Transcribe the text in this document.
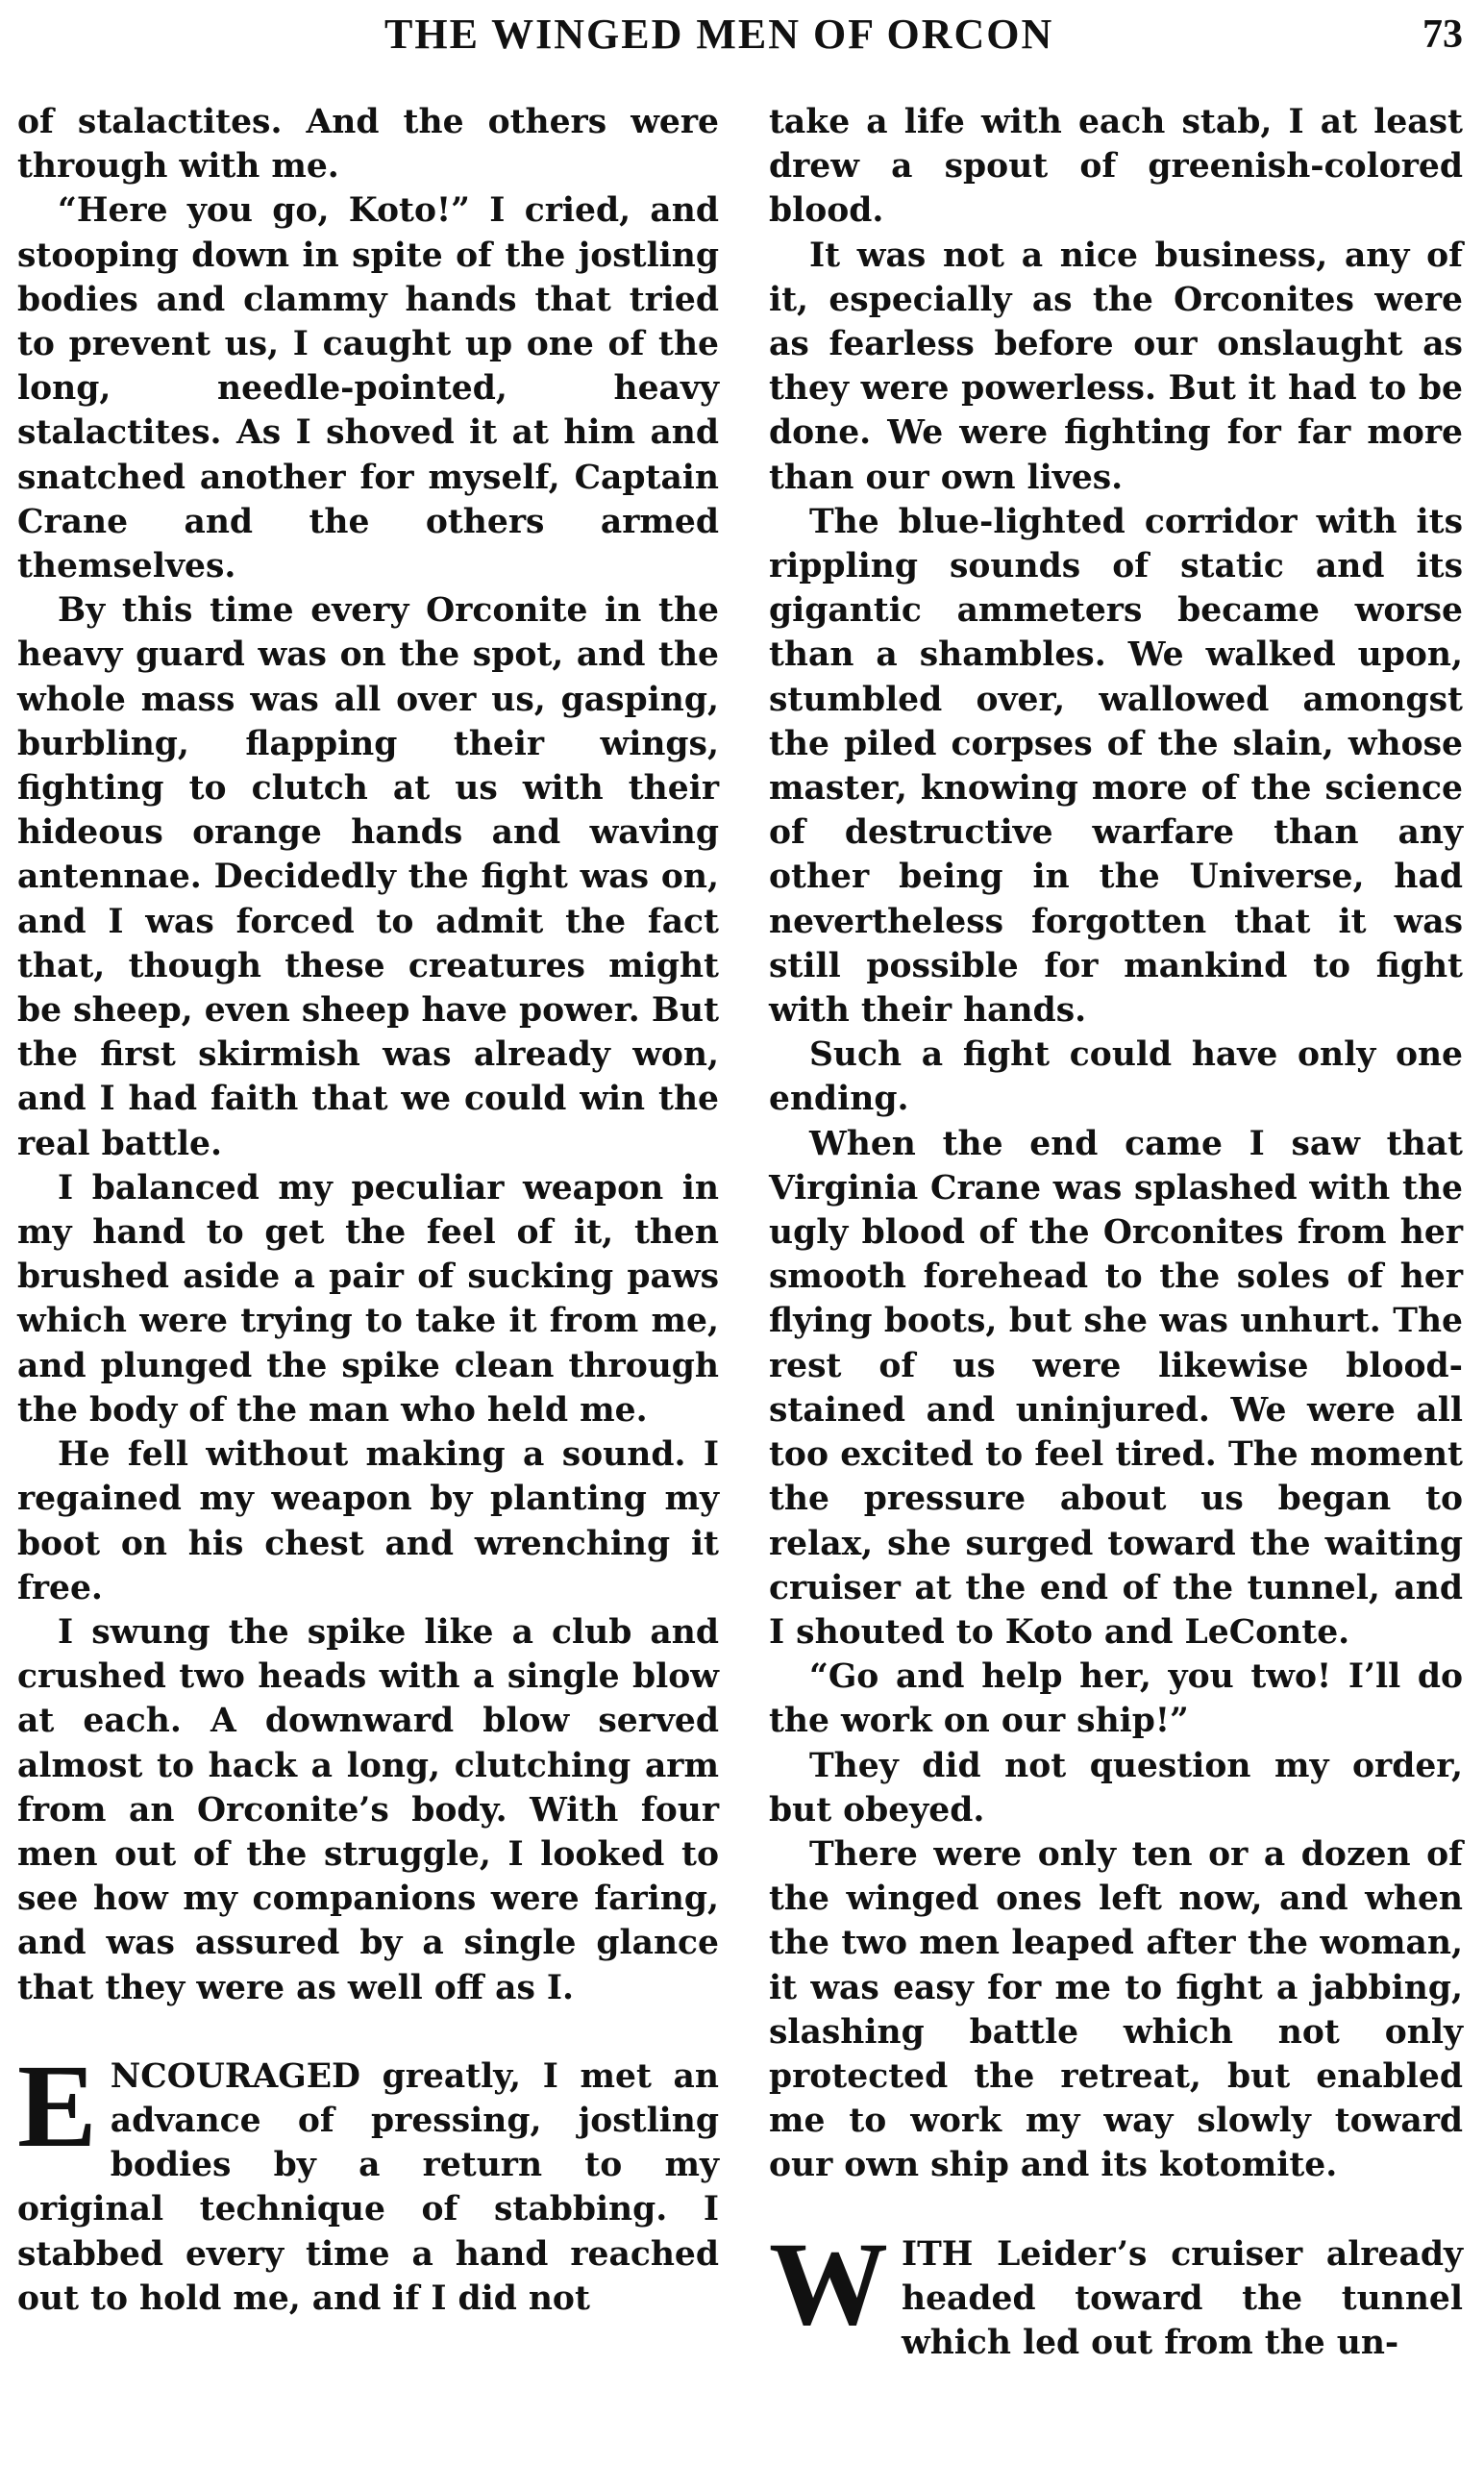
THE WINGED MEN OF ORCON	73

of stalactites. And the others were through with me.

“Here you go, Koto!” I cried, and stooping down in spite of the jostling bodies and clammy hands that tried to prevent us, I caught up one of the long, needle-pointed, heavy stalactites. As I shoved it at him and snatched another for myself, Captain Crane and the others armed themselves.

By this time every Orconite in the heavy guard was on the spot, and the whole mass was all over us, gasping, burbling, flapping their wings, fighting to clutch at us with their hideous orange hands and waving antennae. Decidedly the fight was on, and I was forced to admit the fact that, though these creatures might be sheep, even sheep have power. But the first skirmish was already won, and I had faith that we could win the real battle.

I balanced my peculiar weapon in my hand to get the feel of it, then brushed aside a pair of sucking paws which were trying to take it from me, and plunged the spike clean through the body of the man who held me.

He fell without making a sound. I regained my weapon by planting my boot on his chest and wrenching it free.

I swung the spike like a club and crushed two heads with a single blow at each. A downward blow served almost to hack a long, clutching arm from an Orconite’s body. With four men out of the struggle, I looked to see how my companions were faring, and was assured by a single glance that they were as well off as I.

ENCOURAGED greatly, I met an advance of pressing, jostling bodies by a return to my original technique of stabbing. I stabbed every time a hand reached out to hold me, and if I did not

take a life with each stab, I at least drew a spout of greenish-colored blood.

It was not a nice business, any of it, especially as the Orconites were as fearless before our onslaught as they were powerless. But it had to be done. We were fighting for far more than our own lives.

The blue-lighted corridor with its rippling sounds of static and its gigantic ammeters became worse than a shambles. We walked upon, stumbled over, wallowed amongst the piled corpses of the slain, whose master, knowing more of the science of destructive warfare than any other being in the Universe, had nevertheless forgotten that it was still possible for mankind to fight with their hands.

Such a fight could have only one ending.

When the end came I saw that Virginia Crane was splashed with the ugly blood of the Orconites from her smooth forehead to the soles of her flying boots, but she was unhurt. The rest of us were likewise blood-stained and uninjured. We were all too excited to feel tired. The moment the pressure about us began to relax, she surged toward the waiting cruiser at the end of the tunnel, and I shouted to Koto and LeConte.

“Go and help her, you two! I’ll do the work on our ship!”

They did not question my order, but obeyed.

There were only ten or a dozen of the winged ones left now, and when the two men leaped after the woman, it was easy for me to fight a jabbing, slashing battle which not only protected the retreat, but enabled me to work my way slowly toward our own ship and its kotomite.

WITH Leider’s cruiser already headed toward the tunnel which led out from the un-
